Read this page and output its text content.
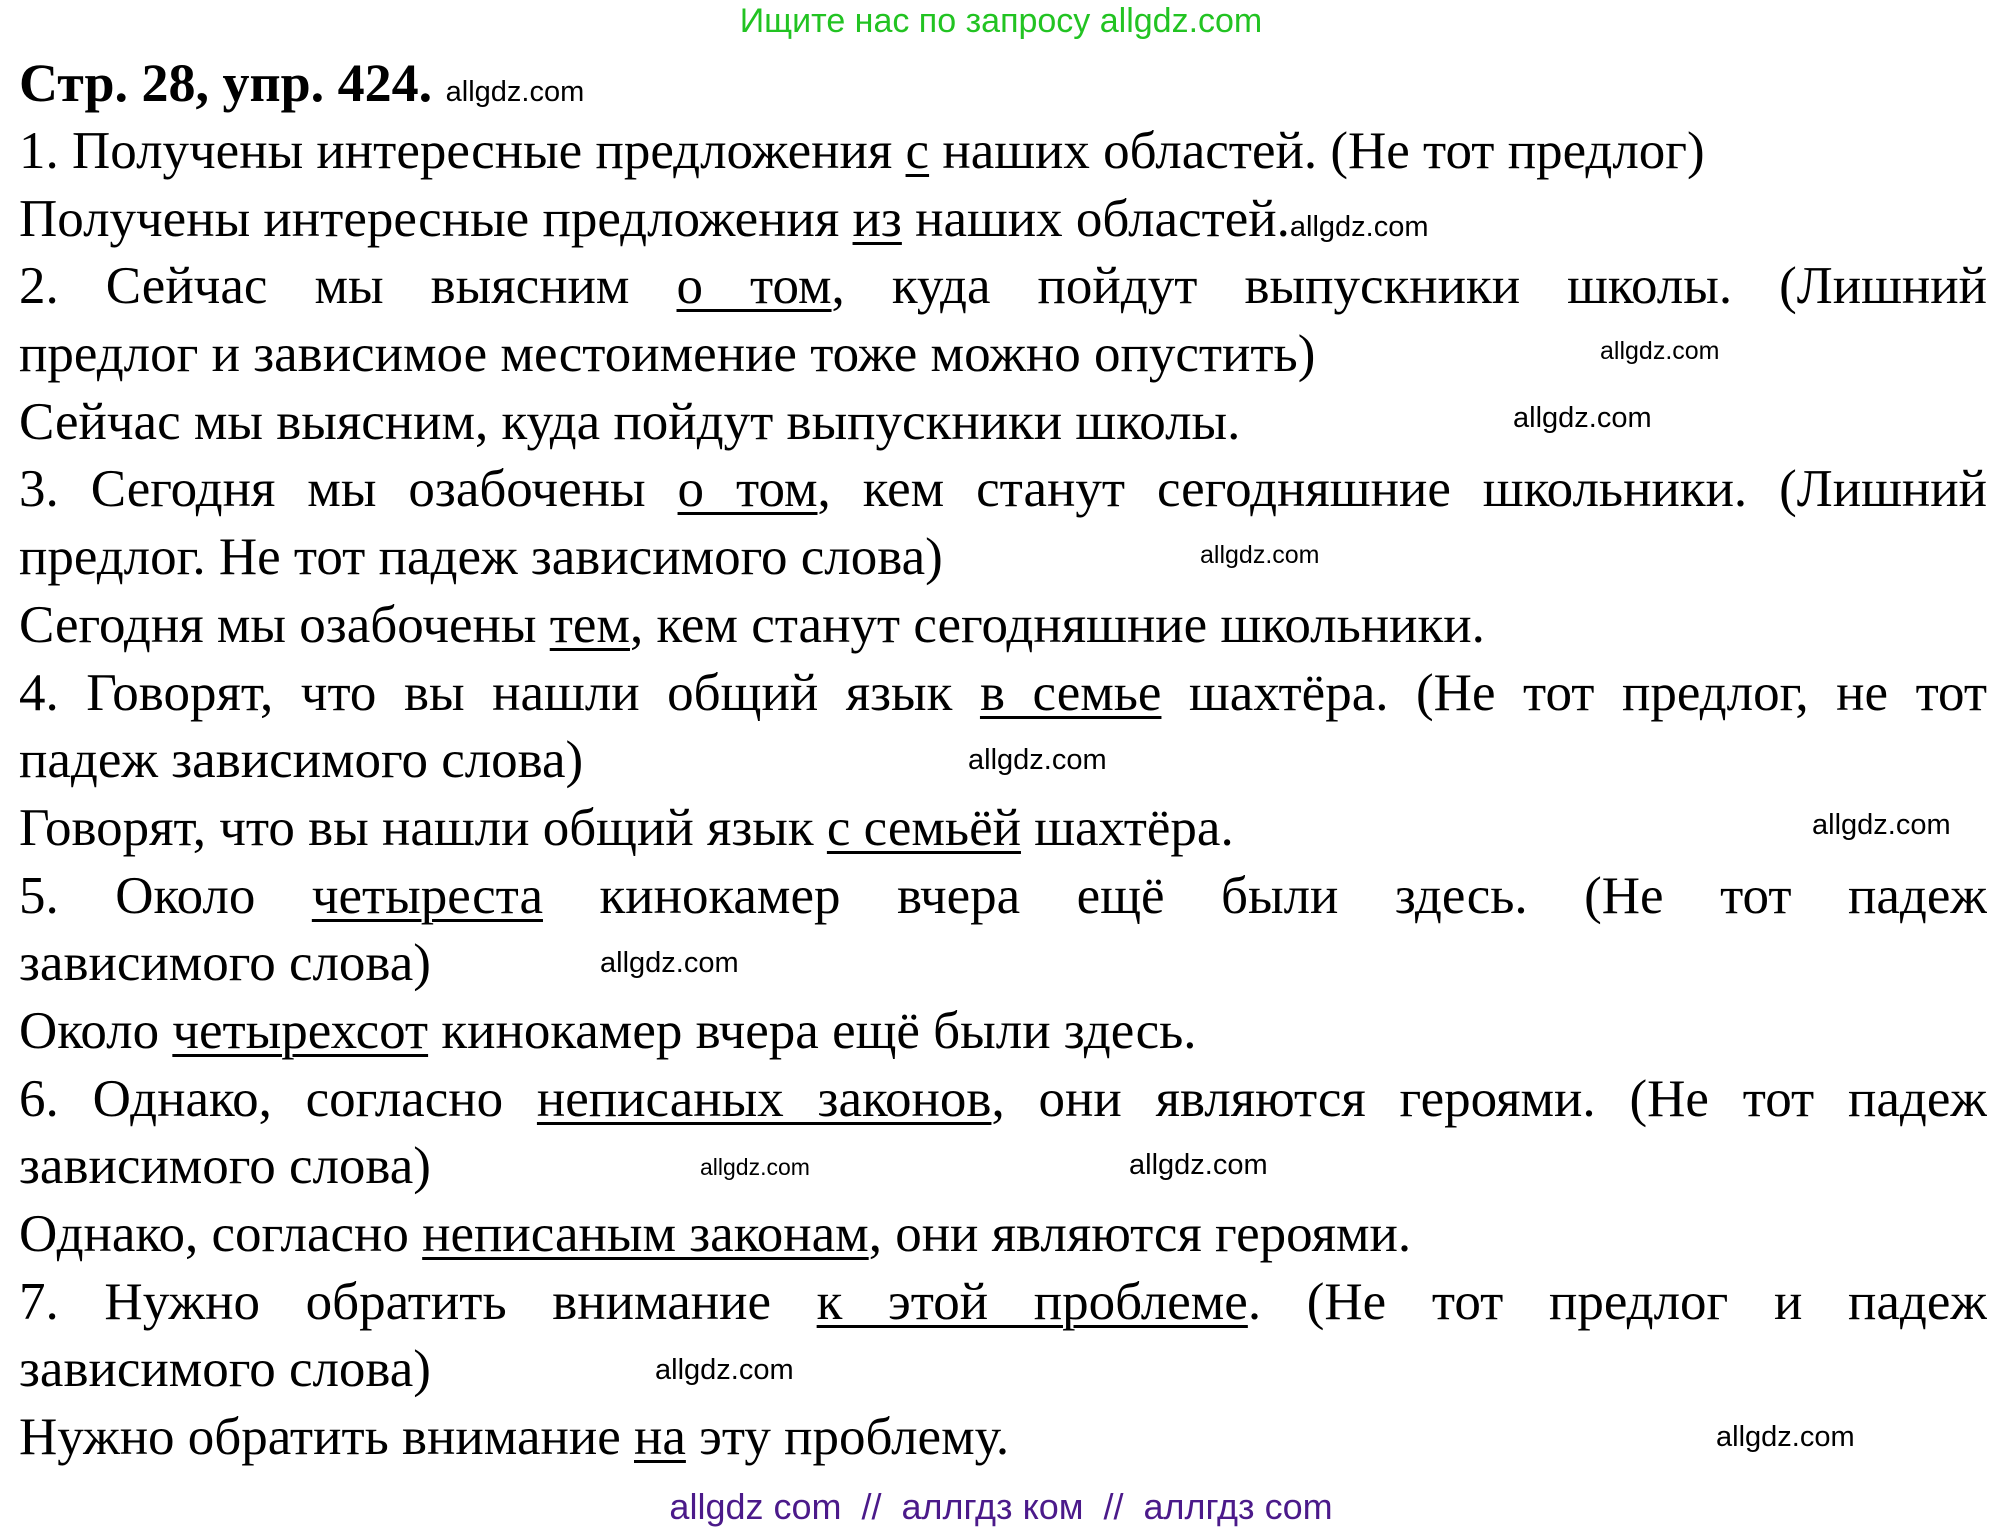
Ищите нас по запросу allgdz.com
Стр. 28, упр. 424. allgdz.com
1. Получены интересные предложения с наших областей. (Не тот предлог)
Получены интересные предложения из наших областей.allgdz.com
2. Сейчас мы выясним о том, куда пойдут выпускники школы. (Лишний
предлог и зависимое местоимение тоже можно опустить)
Сейчас мы выясним, куда пойдут выпускники школы.
3. Сегодня мы озабочены о том, кем станут сегодняшние школьники. (Лишний
предлог. Не тот падеж зависимого слова)
Сегодня мы озабочены тем, кем станут сегодняшние школьники.
4. Говорят, что вы нашли общий язык в семье шахтёра. (Не тот предлог, не тот
падеж зависимого слова)
Говорят, что вы нашли общий язык с семьёй шахтёра.
5. Около четыреста кинокамер вчера ещё были здесь. (Не тот падеж
зависимого слова)
Около четырехсот кинокамер вчера ещё были здесь.
6. Однако, согласно неписаных законов, они являются героями. (Не тот падеж
зависимого слова)
Однако, согласно неписаным законам, они являются героями.
7. Нужно обратить внимание к этой проблеме. (Не тот предлог и падеж
зависимого слова)
Нужно обратить внимание на эту проблему.
allgdz.com
allgdz.com
allgdz.com
allgdz.com
allgdz.com
allgdz.com
allgdz.com
allgdz.com
allgdz.com
allgdz.com
allgdz com  //  аллгдз ком  //  аллгдз com
